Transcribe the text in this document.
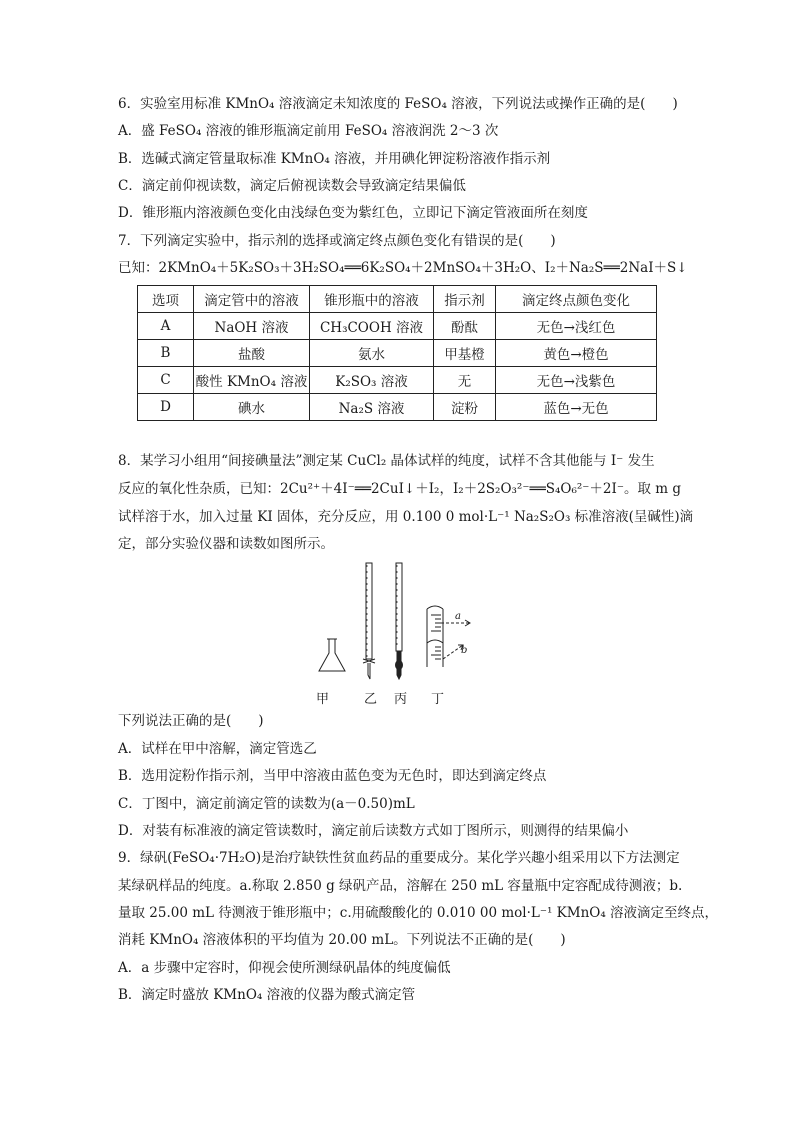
6．实验室用标准 KMnO₄ 溶液滴定未知浓度的 FeSO₄ 溶液，下列说法或操作正确的是(　　)
A．盛 FeSO₄ 溶液的锥形瓶滴定前用 FeSO₄ 溶液润洗 2～3 次
B．选碱式滴定管量取标准 KMnO₄ 溶液，并用碘化钾淀粉溶液作指示剂
C．滴定前仰视读数，滴定后俯视读数会导致滴定结果偏低
D．锥形瓶内溶液颜色变化由浅绿色变为紫红色，立即记下滴定管液面所在刻度
7．下列滴定实验中，指示剂的选择或滴定终点颜色变化有错误的是(　　)
已知：2KMnO₄＋5K₂SO₃＋3H₂SO₄══6K₂SO₄＋2MnSO₄＋3H₂O、I₂＋Na₂S══2NaI＋S↓
选项	滴定管中的溶液	锥形瓶中的溶液	指示剂	滴定终点颜色变化
A	NaOH 溶液	CH₃COOH 溶液	酚酞	无色→浅红色
B	盐酸	氨水	甲基橙	黄色→橙色
C	酸性 KMnO₄ 溶液	K₂SO₃ 溶液	无	无色→浅紫色
D	碘水	Na₂S 溶液	淀粉	蓝色→无色
8．某学习小组用“间接碘量法”测定某 CuCl₂ 晶体试样的纯度，试样不含其他能与 I⁻ 发生
反应的氧化性杂质，已知：2Cu²⁺＋4I⁻══2CuI↓＋I₂，I₂＋2S₂O₃²⁻══S₄O₆²⁻＋2I⁻。取 m g
试样溶于水，加入过量 KI 固体，充分反应，用 0.100 0 mol·L⁻¹ Na₂S₂O₃ 标准溶液(呈碱性)滴
定，部分实验仪器和读数如图所示。
a
b
甲	乙 丙 丁
下列说法正确的是(　　)
A．试样在甲中溶解，滴定管选乙
B．选用淀粉作指示剂，当甲中溶液由蓝色变为无色时，即达到滴定终点
C．丁图中，滴定前滴定管的读数为(a－0.50)mL
D．对装有标准液的滴定管读数时，滴定前后读数方式如丁图所示，则测得的结果偏小
9．绿矾(FeSO₄·7H₂O)是治疗缺铁性贫血药品的重要成分。某化学兴趣小组采用以下方法测定
某绿矾样品的纯度。a.称取 2.850 g 绿矾产品，溶解在 250 mL 容量瓶中定容配成待测液；b.
量取 25.00 mL 待测液于锥形瓶中；c.用硫酸酸化的 0.010 00 mol·L⁻¹ KMnO₄ 溶液滴定至终点，
消耗 KMnO₄ 溶液体积的平均值为 20.00 mL。下列说法不正确的是(　　)
A．a 步骤中定容时，仰视会使所测绿矾晶体的纯度偏低
B．滴定时盛放 KMnO₄ 溶液的仪器为酸式滴定管
